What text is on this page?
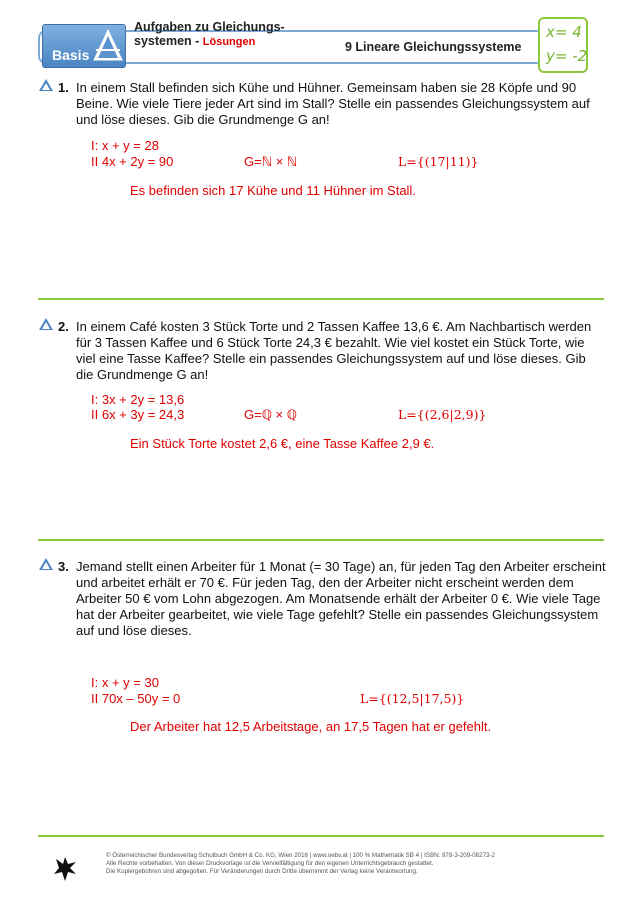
Basis
Aufgaben zu Gleichungs-
systemen - Lösungen	9 Lineare Gleichungssysteme
x= 4
y= -2
1. In einem Stall befinden sich Kühe und Hühner. Gemeinsam haben sie 28 Köpfe und 90 Beine. Wie viele Tiere jeder Art sind im Stall? Stelle ein passendes Gleichungssystem auf und löse dieses. Gib die Grundmenge G an!
I: x + y = 28
II 4x + 2y = 90	G=ℕ × ℕ	L={(17|11)}
Es befinden sich 17 Kühe und 11 Hühner im Stall.
2. In einem Café kosten 3 Stück Torte und 2 Tassen Kaffee 13,6 €. Am Nachbartisch werden für 3 Tassen Kaffee und 6 Stück Torte 24,3 € bezahlt. Wie viel kostet ein Stück Torte, wie viel eine Tasse Kaffee? Stelle ein passendes Gleichungssystem auf und löse dieses. Gib die Grundmenge G an!
I: 3x + 2y = 13,6
II 6x + 3y = 24,3	G=ℚ × ℚ	L={(2,6|2,9)}
Ein Stück Torte kostet 2,6 €, eine Tasse Kaffee 2,9 €.
3. Jemand stellt einen Arbeiter für 1 Monat (= 30 Tage) an, für jeden Tag den Arbeiter erscheint und arbeitet erhält er 70 €. Für jeden Tag, den der Arbeiter nicht erscheint werden dem Arbeiter 50 € vom Lohn abgezogen. Am Monatsende erhält der Arbeiter 0 €. Wie viele Tage hat der Arbeiter gearbeitet, wie viele Tage gefehlt? Stelle ein passendes Gleichungssystem auf und löse dieses.
I: x + y = 30
II 70x – 50y = 0	L={(12,5|17,5)}
Der Arbeiter hat 12,5 Arbeitstage, an 17,5 Tagen hat er gefehlt.
© Österreichischer Bundesverlag Schulbuch GmbH & Co. KG, Wien 2016 | www.oebv.at | 100 % Mathematik SB 4 | ISBN: 978-3-209-08273-2
Alle Rechte vorbehalten. Von dieser Druckvorlage ist die Vervielfältigung für den eigenen Unterrichtsgebrauch gestattet.
Die Kopiergebühren sind abgegolten. Für Veränderungen durch Dritte übernimmt der Verlag keine Verantwortung.
